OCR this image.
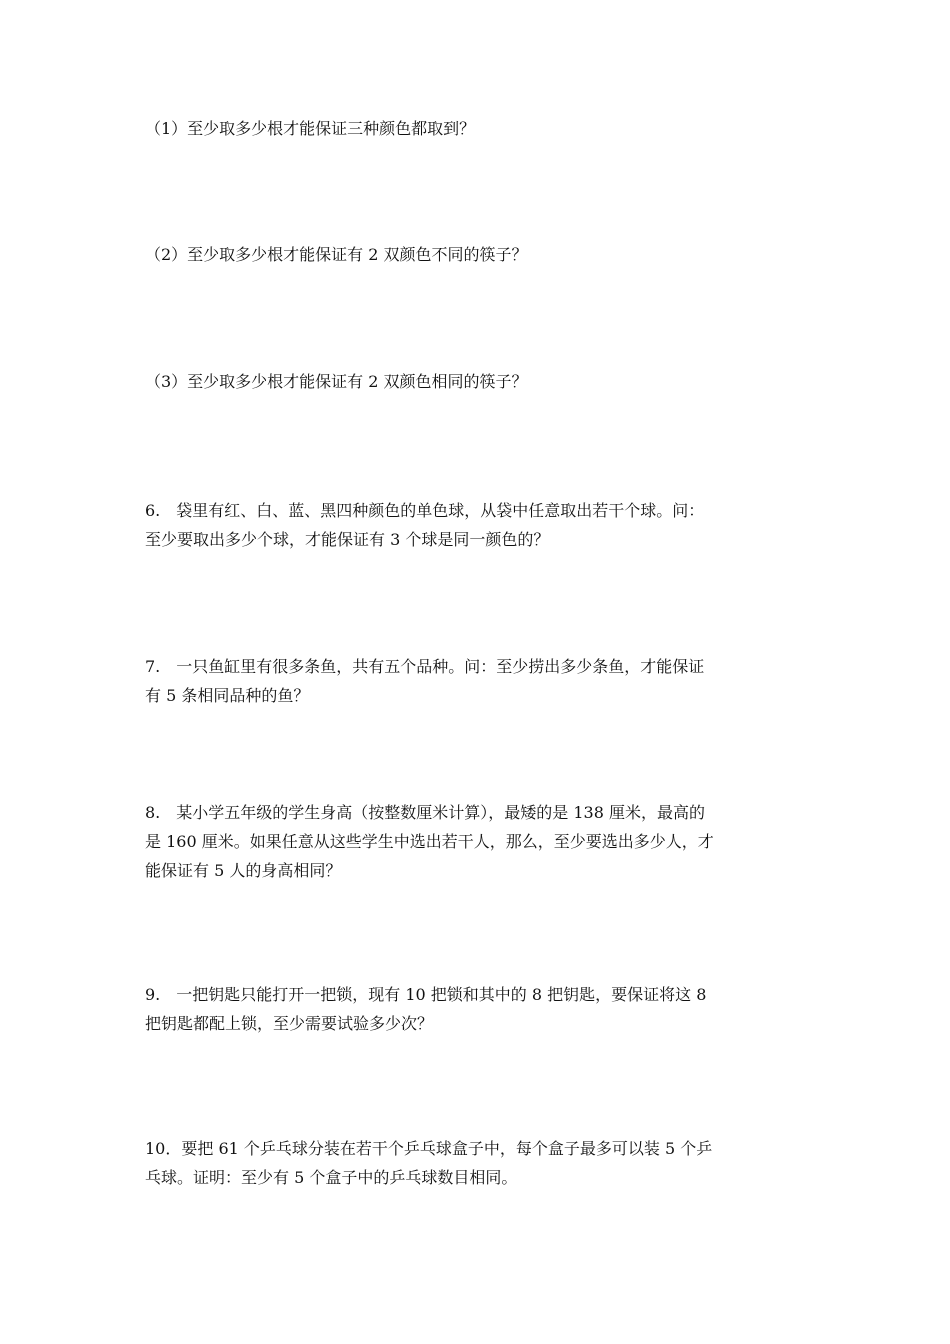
（1）至少取多少根才能保证三种颜色都取到？
（2）至少取多少根才能保证有 2 双颜色不同的筷子？
（3）至少取多少根才能保证有 2 双颜色相同的筷子？
6.　袋里有红、白、蓝、黑四种颜色的单色球，从袋中任意取出若干个球。问：
至少要取出多少个球，才能保证有 3 个球是同一颜色的？
7.　一只鱼缸里有很多条鱼，共有五个品种。问：至少捞出多少条鱼，才能保证
有 5 条相同品种的鱼？
8.　某小学五年级的学生身高（按整数厘米计算），最矮的是 138 厘米，最高的
是 160 厘米。如果任意从这些学生中选出若干人，那么，至少要选出多少人，才
能保证有 5 人的身高相同？
9.　一把钥匙只能打开一把锁，现有 10 把锁和其中的 8 把钥匙，要保证将这 8
把钥匙都配上锁，至少需要试验多少次？
10．要把 61 个乒乓球分装在若干个乒乓球盒子中，每个盒子最多可以装 5 个乒
乓球。证明：至少有 5 个盒子中的乒乓球数目相同。
